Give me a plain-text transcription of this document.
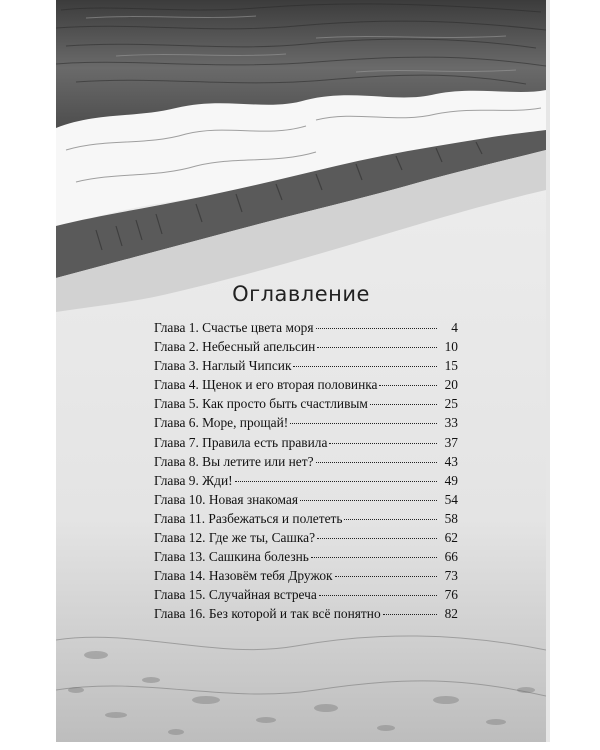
Оглавление
Глава 1. Счастье цвета моря	4
Глава 2. Небесный апельсин	10
Глава 3. Наглый Чипсик	15
Глава 4. Щенок и его вторая половинка	20
Глава 5. Как просто быть счастливым	25
Глава 6. Море, прощай!	33
Глава 7. Правила есть правила	37
Глава 8. Вы летите или нет?	43
Глава 9. Жди!	49
Глава 10. Новая знакомая	54
Глава 11. Разбежаться и полететь	58
Глава 12. Где же ты, Сашка?	62
Глава 13. Сашкина болезнь	66
Глава 14. Назовём тебя Дружок	73
Глава 15. Случайная встреча	76
Глава 16. Без которой и так всё понятно	82
